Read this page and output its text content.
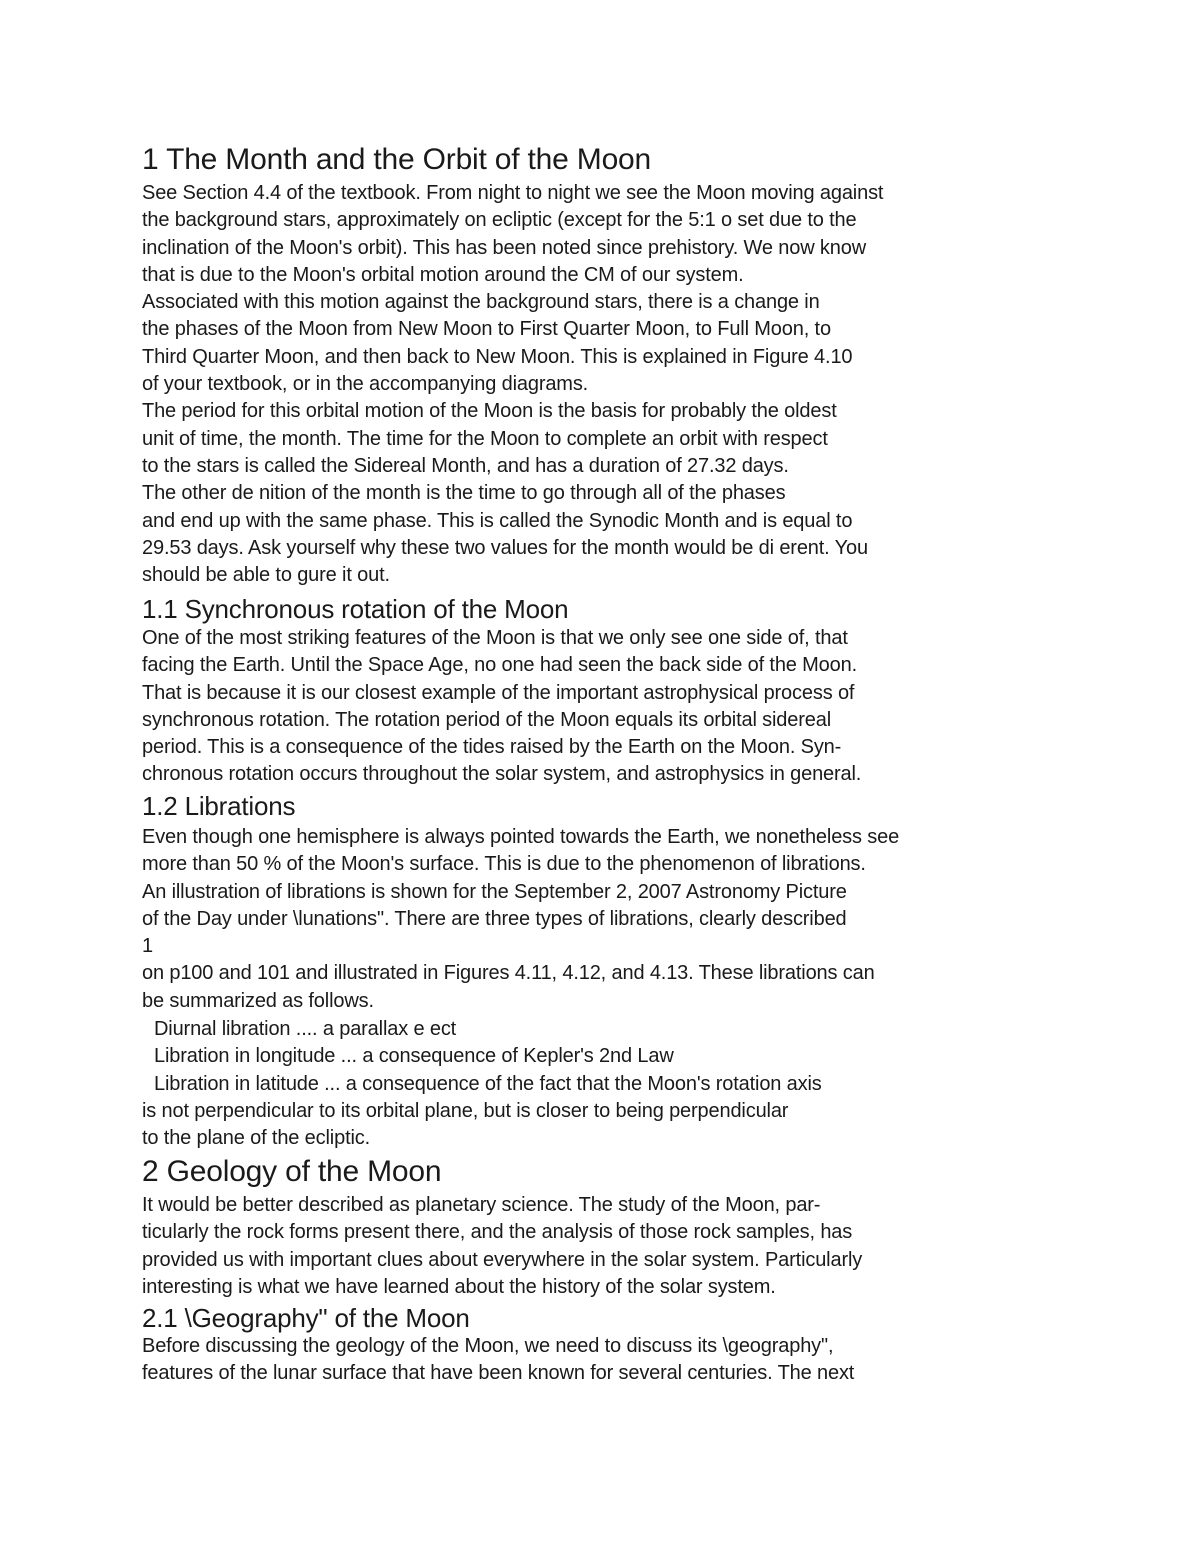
1 The Month and the Orbit of the Moon
See Section 4.4 of the textbook. From night to night we see the Moon moving against
the background stars, approximately on ecliptic (except for the 5:1 o set due to the
inclination of the Moon's orbit). This has been noted since prehistory. We now know
that is due to the Moon's orbital motion around the CM of our system.
Associated with this motion against the background stars, there is a change in
the phases of the Moon from New Moon to First Quarter Moon, to Full Moon, to
Third Quarter Moon, and then back to New Moon. This is explained in Figure 4.10
of your textbook, or in the accompanying diagrams.
The period for this orbital motion of the Moon is the basis for probably the oldest
unit of time, the month. The time for the Moon to complete an orbit with respect
to the stars is called the Sidereal Month, and has a duration of 27.32 days.
The other de nition of the month is the time to go through all of the phases
and end up with the same phase. This is called the Synodic Month and is equal to
29.53 days. Ask yourself why these two values for the month would be di erent. You
should be able to gure it out.
1.1 Synchronous rotation of the Moon
One of the most striking features of the Moon is that we only see one side of, that
facing the Earth. Until the Space Age, no one had seen the back side of the Moon.
That is because it is our closest example of the important astrophysical process of
synchronous rotation. The rotation period of the Moon equals its orbital sidereal
period. This is a consequence of the tides raised by the Earth on the Moon. Syn-
chronous rotation occurs throughout the solar system, and astrophysics in general.
1.2 Librations
Even though one hemisphere is always pointed towards the Earth, we nonetheless see
more than 50 % of the Moon's surface. This is due to the phenomenon of librations.
An illustration of librations is shown for the September 2, 2007 Astronomy Picture
of the Day under \lunations". There are three types of librations, clearly described
1
on p100 and 101 and illustrated in Figures 4.11, 4.12, and 4.13. These librations can
be summarized as follows.
Diurnal libration .... a parallax e ect
Libration in longitude ... a consequence of Kepler's 2nd Law
Libration in latitude ... a consequence of the fact that the Moon's rotation axis
is not perpendicular to its orbital plane, but is closer to being perpendicular
to the plane of the ecliptic.
2 Geology of the Moon
It would be better described as planetary science. The study of the Moon, par-
ticularly the rock forms present there, and the analysis of those rock samples, has
provided us with important clues about everywhere in the solar system. Particularly
interesting is what we have learned about the history of the solar system.
2.1 \Geography" of the Moon
Before discussing the geology of the Moon, we need to discuss its \geography",
features of the lunar surface that have been known for several centuries. The next
